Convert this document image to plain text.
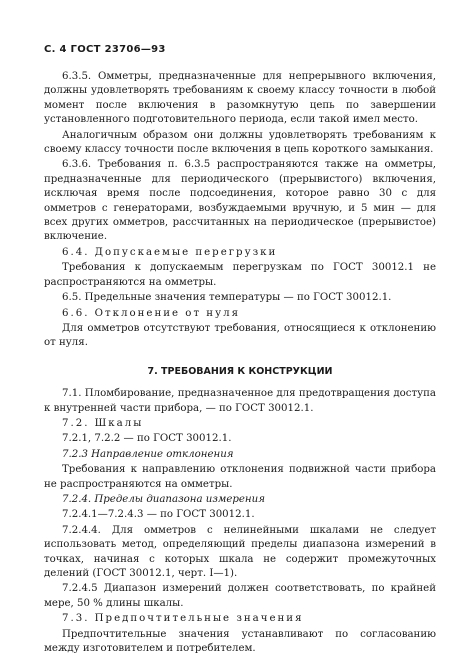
С. 4 ГОСТ 23706—93

6.3.5. Омметры, предназначенные для непрерывного включения, должны удовлетворять требованиям к своему классу точности в любой момент после включения в разомкнутую цепь по завершении установленного подготовительного периода, если такой имел место.

Аналогичным образом они должны удовлетворять требованиям к своему классу точности после включения в цепь короткого замыкания.

6.3.6. Требования п. 6.3.5 распространяются также на омметры, предназначенные для периодического (прерывистого) включения, исключая время после подсоединения, которое равно 30 с для омметров с генераторами, возбуждаемыми вручную, и 5 мин — для всех других омметров, рассчитанных на периодическое (прерывистое) включение.

6.4. Допускаемые перегрузки

Требования к допускаемым перегрузкам по ГОСТ 30012.1 не распространяются на омметры.

6.5. Предельные значения температуры — по ГОСТ 30012.1.

6.6. Отклонение от нуля

Для омметров отсутствуют требования, относящиеся к отклонению от нуля.

7. ТРЕБОВАНИЯ К КОНСТРУКЦИИ

7.1. Пломбирование, предназначенное для предотвращения доступа к внутренней части прибора, — по ГОСТ 30012.1.

7.2. Шкалы

7.2.1, 7.2.2 — по ГОСТ 30012.1.

7.2.3 Направление отклонения

Требования к направлению отклонения подвижной части прибора не распространяются на омметры.

7.2.4. Пределы диапазона измерения

7.2.4.1—7.2.4.3 — по ГОСТ 30012.1.

7.2.4.4. Для омметров с нелинейными шкалами не следует использовать метод, определяющий пределы диапазона измерений в точках, начиная с которых шкала не содержит промежуточных делений (ГОСТ 30012.1, черт. I—1).

7.2.4.5 Диапазон измерений должен соответствовать, по крайней мере, 50 % длины шкалы.

7.3. Предпочтительные значения

Предпочтительные значения устанавливают по согласованию между изготовителем и потребителем.
